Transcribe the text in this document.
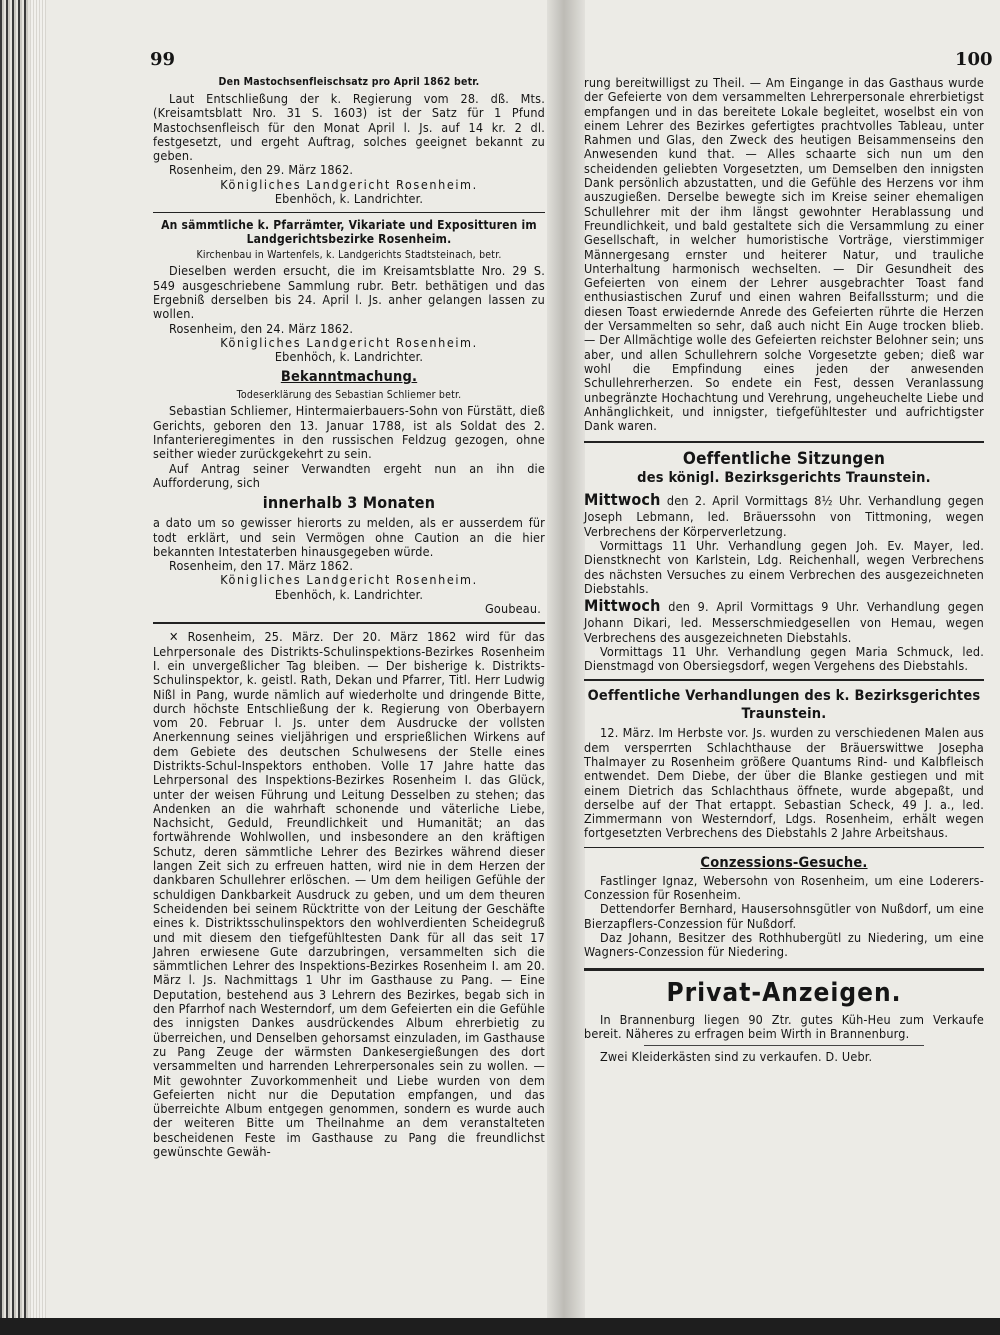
99	100

Den Mastochsenfleischsatz pro April 1862 betr.

Laut Entschließung der k. Regierung vom 28. dß. Mts. (Kreisamtsblatt Nro. 31 S. 1603) ist der Satz für 1 Pfund Mastochsenfleisch für den Monat April l. Js. auf 14 kr. 2 dl. festgesetzt, und ergeht Auftrag, solches geeignet bekannt zu geben.

Rosenheim, den 29. März 1862.

Königliches Landgericht Rosenheim.

Ebenhöch, k. Landrichter.

An sämmtliche k. Pfarrämter, Vikariate und Expositturen im Landgerichtsbezirke Rosenheim.

Kirchenbau in Wartenfels, k. Landgerichts Stadtsteinach, betr.

Dieselben werden ersucht, die im Kreisamtsblatte Nro. 29 S. 549 ausgeschriebene Sammlung rubr. Betr. bethätigen und das Ergebniß derselben bis 24. April l. Js. anher gelangen lassen zu wollen.

Rosenheim, den 24. März 1862.

Königliches Landgericht Rosenheim.

Ebenhöch, k. Landrichter.

Bekanntmachung.

Todeserklärung des Sebastian Schliemer betr.

Sebastian Schliemer, Hintermaierbauers-Sohn von Fürstätt, dieß Gerichts, geboren den 13. Januar 1788, ist als Soldat des 2. Infanterieregimentes in den russischen Feldzug gezogen, ohne seither wieder zurückgekehrt zu sein.

Auf Antrag seiner Verwandten ergeht nun an ihn die Aufforderung, sich

innerhalb 3 Monaten

a dato um so gewisser hierorts zu melden, als er ausserdem für todt erklärt, und sein Vermögen ohne Caution an die hier bekannten Intestaterben hinausgegeben würde.

Rosenheim, den 17. März 1862.

Königliches Landgericht Rosenheim.

Ebenhöch, k. Landrichter.

Goubeau.

✕ Rosenheim, 25. März. Der 20. März 1862 wird für das Lehrpersonale des Distrikts-Schulinspektions-Bezirkes Rosenheim I. ein unvergeßlicher Tag bleiben. — Der bisherige k. Distrikts-Schulinspektor, k. geistl. Rath, Dekan und Pfarrer, Titl. Herr Ludwig Nißl in Pang, wurde nämlich auf wiederholte und dringende Bitte, durch höchste Entschließung der k. Regierung von Oberbayern vom 20. Februar l. Js. unter dem Ausdrucke der vollsten Anerkennung seines vieljährigen und ersprießlichen Wirkens auf dem Gebiete des deutschen Schulwesens der Stelle eines Distrikts-Schul-Inspektors enthoben. Volle 17 Jahre hatte das Lehrpersonal des Inspektions-Bezirkes Rosenheim I. das Glück, unter der weisen Führung und Leitung Desselben zu stehen; das Andenken an die wahrhaft schonende und väterliche Liebe, Nachsicht, Geduld, Freundlichkeit und Humanität; an das fortwährende Wohlwollen, und insbesondere an den kräftigen Schutz, deren sämmtliche Lehrer des Bezirkes während dieser langen Zeit sich zu erfreuen hatten, wird nie in dem Herzen der dankbaren Schullehrer erlöschen. — Um dem heiligen Gefühle der schuldigen Dankbarkeit Ausdruck zu geben, und um dem theuren Scheidenden bei seinem Rücktritte von der Leitung der Geschäfte eines k. Distriktsschulinspektors den wohlverdienten Scheidegruß und mit diesem den tiefgefühltesten Dank für all das seit 17 Jahren erwiesene Gute darzubringen, versammelten sich die sämmtlichen Lehrer des Inspektions-Bezirkes Rosenheim I. am 20. März l. Js. Nachmittags 1 Uhr im Gasthause zu Pang. — Eine Deputation, bestehend aus 3 Lehrern des Bezirkes, begab sich in den Pfarrhof nach Westerndorf, um dem Gefeierten ein die Gefühle des innigsten Dankes ausdrückendes Album ehrerbietig zu überreichen, und Denselben gehorsamst einzuladen, im Gasthause zu Pang Zeuge der wärmsten Dankesergießungen des dort versammelten und harrenden Lehrerpersonales sein zu wollen. — Mit gewohnter Zuvorkommenheit und Liebe wurden von dem Gefeierten nicht nur die Deputation empfangen, und das überreichte Album entgegen genommen, sondern es wurde auch der weiteren Bitte um Theilnahme an dem veranstalteten bescheidenen Feste im Gasthause zu Pang die freundlichst gewünschte Gewäh-

rung bereitwilligst zu Theil. — Am Eingange in das Gasthaus wurde der Gefeierte von dem versammelten Lehrerpersonale ehrerbietigst empfangen und in das bereitete Lokale begleitet, woselbst ein von einem Lehrer des Bezirkes gefertigtes prachtvolles Tableau, unter Rahmen und Glas, den Zweck des heutigen Beisammenseins den Anwesenden kund that. — Alles schaarte sich nun um den scheidenden geliebten Vorgesetzten, um Demselben den innigsten Dank persönlich abzustatten, und die Gefühle des Herzens vor ihm auszugießen. Derselbe bewegte sich im Kreise seiner ehemaligen Schullehrer mit der ihm längst gewohnter Herablassung und Freundlichkeit, und bald gestaltete sich die Versammlung zu einer Gesellschaft, in welcher humoristische Vorträge, vierstimmiger Männergesang ernster und heiterer Natur, und trauliche Unterhaltung harmonisch wechselten. — Dir Gesundheit des Gefeierten von einem der Lehrer ausgebrachter Toast fand enthusiastischen Zuruf und einen wahren Beifallssturm; und die diesen Toast erwiedernde Anrede des Gefeierten rührte die Herzen der Versammelten so sehr, daß auch nicht Ein Auge trocken blieb. — Der Allmächtige wolle des Gefeierten reichster Belohner sein; uns aber, und allen Schullehrern solche Vorgesetzte geben; dieß war wohl die Empfindung eines jeden der anwesenden Schullehrerherzen. So endete ein Fest, dessen Veranlassung unbegränzte Hochachtung und Verehrung, ungeheuchelte Liebe und Anhänglichkeit, und innigster, tiefgefühltester und aufrichtigster Dank waren.

Oeffentliche Sitzungen

des königl. Bezirksgerichts Traunstein.

Mittwoch den 2. April Vormittags 8½ Uhr. Verhandlung gegen Joseph Lebmann, led. Bräuerssohn von Tittmoning, wegen Verbrechens der Körperverletzung.

Vormittags 11 Uhr. Verhandlung gegen Joh. Ev. Mayer, led. Dienstknecht von Karlstein, Ldg. Reichenhall, wegen Verbrechens des nächsten Versuches zu einem Verbrechen des ausgezeichneten Diebstahls.

Mittwoch den 9. April Vormittags 9 Uhr. Verhandlung gegen Johann Dikari, led. Messerschmiedgesellen von Hemau, wegen Verbrechens des ausgezeichneten Diebstahls.

Vormittags 11 Uhr. Verhandlung gegen Maria Schmuck, led. Dienstmagd von Obersiegsdorf, wegen Vergehens des Diebstahls.

Oeffentliche Verhandlungen des k. Bezirksgerichtes Traunstein.

12. März. Im Herbste vor. Js. wurden zu verschiedenen Malen aus dem versperrten Schlachthause der Bräuerswittwe Josepha Thalmayer zu Rosenheim größere Quantums Rind- und Kalbfleisch entwendet. Dem Diebe, der über die Blanke gestiegen und mit einem Dietrich das Schlachthaus öffnete, wurde abgepaßt, und derselbe auf der That ertappt. Sebastian Scheck, 49 J. a., led. Zimmermann von Westerndorf, Ldgs. Rosenheim, erhält wegen fortgesetzten Verbrechens des Diebstahls 2 Jahre Arbeitshaus.

Conzessions-Gesuche.

Fastlinger Ignaz, Webersohn von Rosenheim, um eine Loderers-Conzession für Rosenheim.

Dettendorfer Bernhard, Hausersohnsgütler von Nußdorf, um eine Bierzapflers-Conzession für Nußdorf.

Daz Johann, Besitzer des Rothhubergütl zu Niedering, um eine Wagners-Conzession für Niedering.

Privat-Anzeigen.

In Brannenburg liegen 90 Ztr. gutes Küh-Heu zum Verkaufe bereit. Näheres zu erfragen beim Wirth in Brannenburg.

Zwei Kleiderkästen sind zu verkaufen. D. Uebr.
